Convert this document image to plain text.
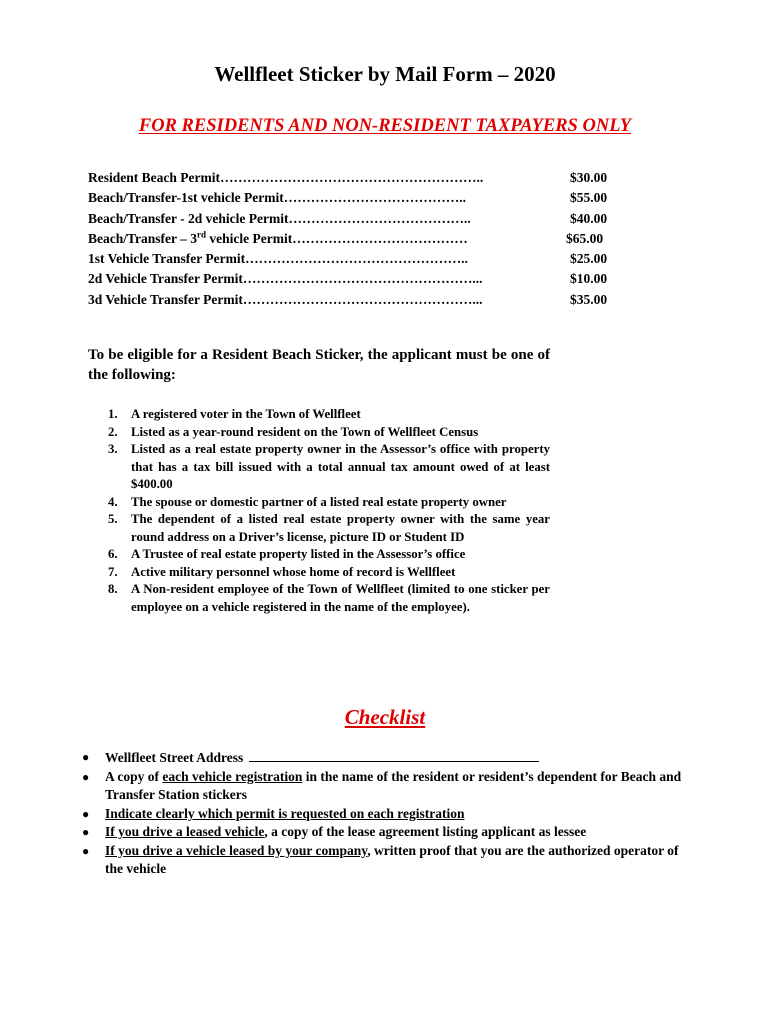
Wellfleet Sticker by Mail Form – 2020
FOR RESIDENTS AND NON-RESIDENT TAXPAYERS ONLY
Resident Beach Permit…………………………………………………..	$30.00
Beach/Transfer-1st vehicle Permit…………………………………..	$55.00
Beach/Transfer - 2d vehicle Permit…………………………………..	$40.00
Beach/Transfer – 3rd vehicle Permit…………………………………	$65.00
1st Vehicle Transfer Permit…………………………………………..	$25.00
2d Vehicle Transfer Permit……………………………………………...	$10.00
3d Vehicle Transfer Permit……………………………………………...	$35.00
To be eligible for a Resident Beach Sticker, the applicant must be one of the following:
1. A registered voter in the Town of Wellfleet
2. Listed as a year-round resident on the Town of Wellfleet Census
3. Listed as a real estate property owner in the Assessor’s office with property that has a tax bill issued with a total annual tax amount owed of at least $400.00
4. The spouse or domestic partner of a listed real estate property owner
5. The dependent of a listed real estate property owner with the same year round address on a Driver’s license, picture ID or Student ID
6. A Trustee of real estate property listed in the Assessor’s office
7. Active military personnel whose home of record is Wellfleet
8. A Non-resident employee of the Town of Wellfleet (limited to one sticker per employee on a vehicle registered in the name of the employee).
Checklist
● Wellfleet Street Address
● A copy of each vehicle registration in the name of the resident or resident’s dependent for Beach and Transfer Station stickers
● Indicate clearly which permit is requested on each registration
● If you drive a leased vehicle, a copy of the lease agreement listing applicant as lessee
● If you drive a vehicle leased by your company, written proof that you are the authorized operator of the vehicle
